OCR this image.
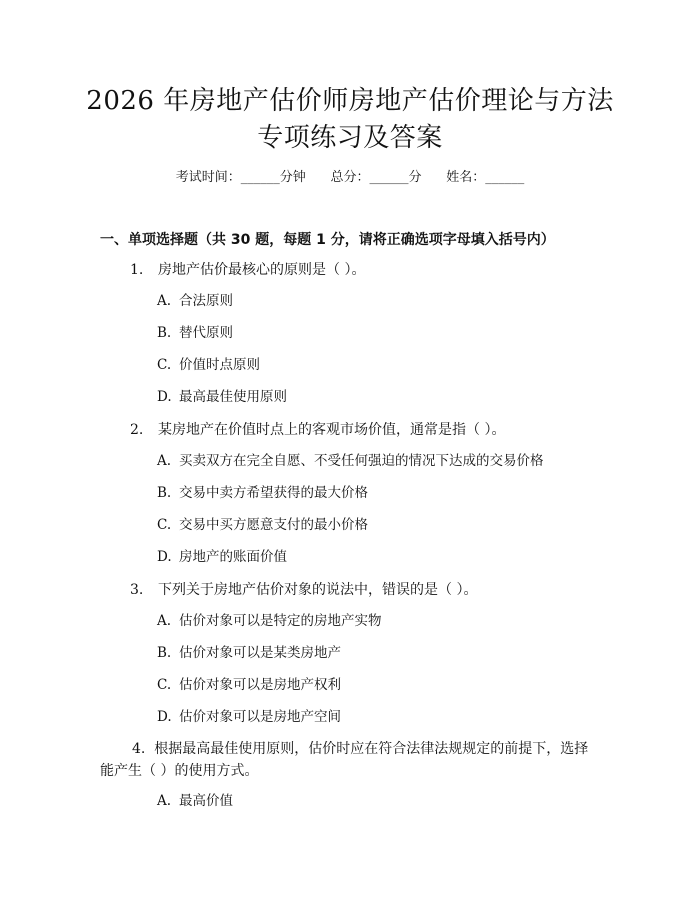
2026 年房地产估价师房地产估价理论与方法
专项练习及答案
考试时间：______分钟      总分：______分      姓名：______
一、单项选择题（共 30 题，每题 1 分，请将正确选项字母填入括号内）
1. 房地产估价最核心的原则是（ ）。
A. 合法原则
B. 替代原则
C. 价值时点原则
D. 最高最佳使用原则
2. 某房地产在价值时点上的客观市场价值，通常是指（ ）。
A. 买卖双方在完全自愿、不受任何强迫的情况下达成的交易价格
B. 交易中卖方希望获得的最大价格
C. 交易中买方愿意支付的最小价格
D. 房地产的账面价值
3. 下列关于房地产估价对象的说法中，错误的是（ ）。
A. 估价对象可以是特定的房地产实物
B. 估价对象可以是某类房地产
C. 估价对象可以是房地产权利
D. 估价对象可以是房地产空间
4. 根据最高最佳使用原则，估价时应在符合法律法规规定的前提下，选择能产生（ ）的使用方式。
A. 最高价值
